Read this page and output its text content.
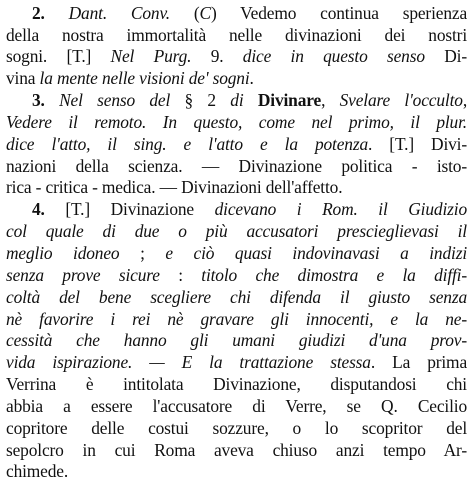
2. Dant. Conv. (C) Vedemo continua sperienza
della nostra immortalità nelle divinazioni dei nostri
sogni. [T.] Nel Purg. 9. dice in questo senso Di-
vina la mente nelle visioni de' sogni.
3. Nel senso del § 2 di Divinare, Svelare l'occulto,
Vedere il remoto. In questo, come nel primo, il plur.
dice l'atto, il sing. e l'atto e la potenza. [T.] Divi-
nazioni della scienza. — Divinazione politica - isto-
rica - critica - medica. — Divinazioni dell'affetto.
4. [T.] Divinazione dicevano i Rom. il Giudizio
col quale di due o più accusatori prescieglievasi il
meglio idoneo ; e ciò quasi indovinavasi a indizi
senza prove sicure : titolo che dimostra e la diffi-
coltà del bene scegliere chi difenda il giusto senza
nè favorire i rei nè gravare gli innocenti, e la ne-
cessità che hanno gli umani giudizi d'una prov-
vida ispirazione. — E la trattazione stessa. La prima
Verrina è intitolata Divinazione, disputandosi chi
abbia a essere l'accusatore di Verre, se Q. Cecilio
copritore delle costui sozzure, o lo scopritor del
sepolcro in cui Roma aveva chiuso anzi tempo Ar-
chimede.
